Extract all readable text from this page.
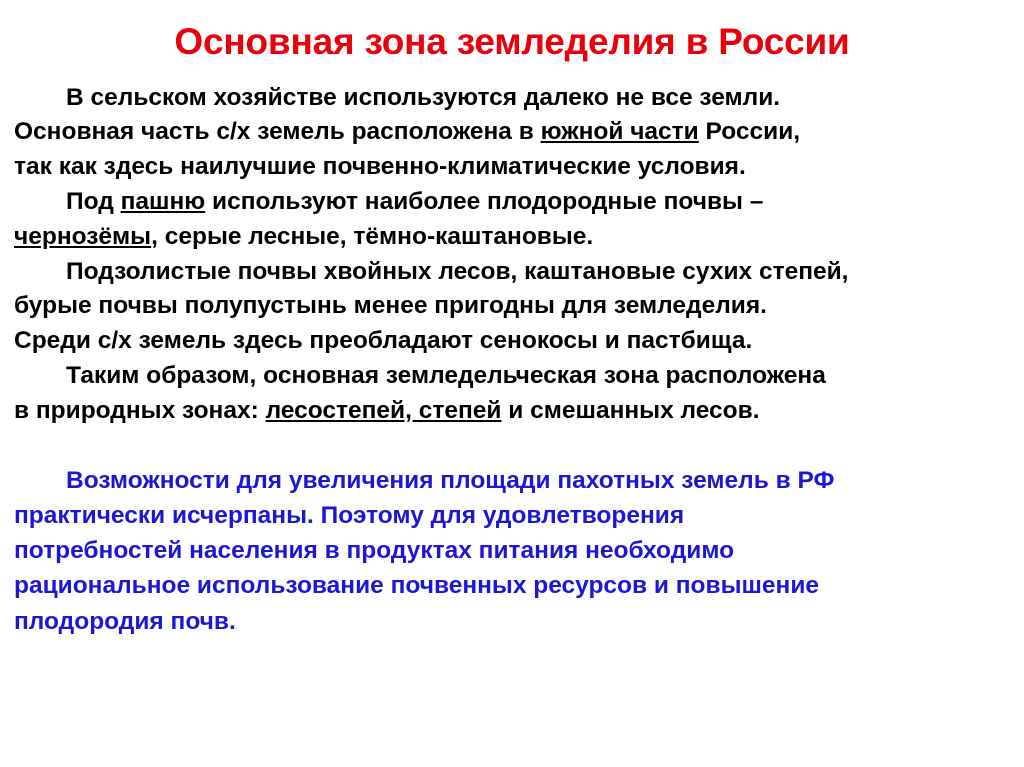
Основная зона земледелия в России

В сельском хозяйстве используются далеко не все земли.
Основная часть с/х земель расположена в южной части России,
так как здесь наилучшие почвенно-климатические условия.

Под пашню используют наиболее плодородные почвы –
чернозёмы, серые лесные, тёмно-каштановые.

Подзолистые почвы хвойных лесов, каштановые сухих степей,
бурые почвы полупустынь менее пригодны для земледелия.
Среди с/х земель здесь преобладают сенокосы и пастбища.

Таким образом, основная земледельческая зона расположена
в природных зонах: лесостепей, степей и смешанных лесов.

Возможности для увеличения площади пахотных земель в РФ
практически исчерпаны. Поэтому для удовлетворения
потребностей населения в продуктах питания необходимо
рациональное использование почвенных ресурсов и повышение
плодородия почв.
